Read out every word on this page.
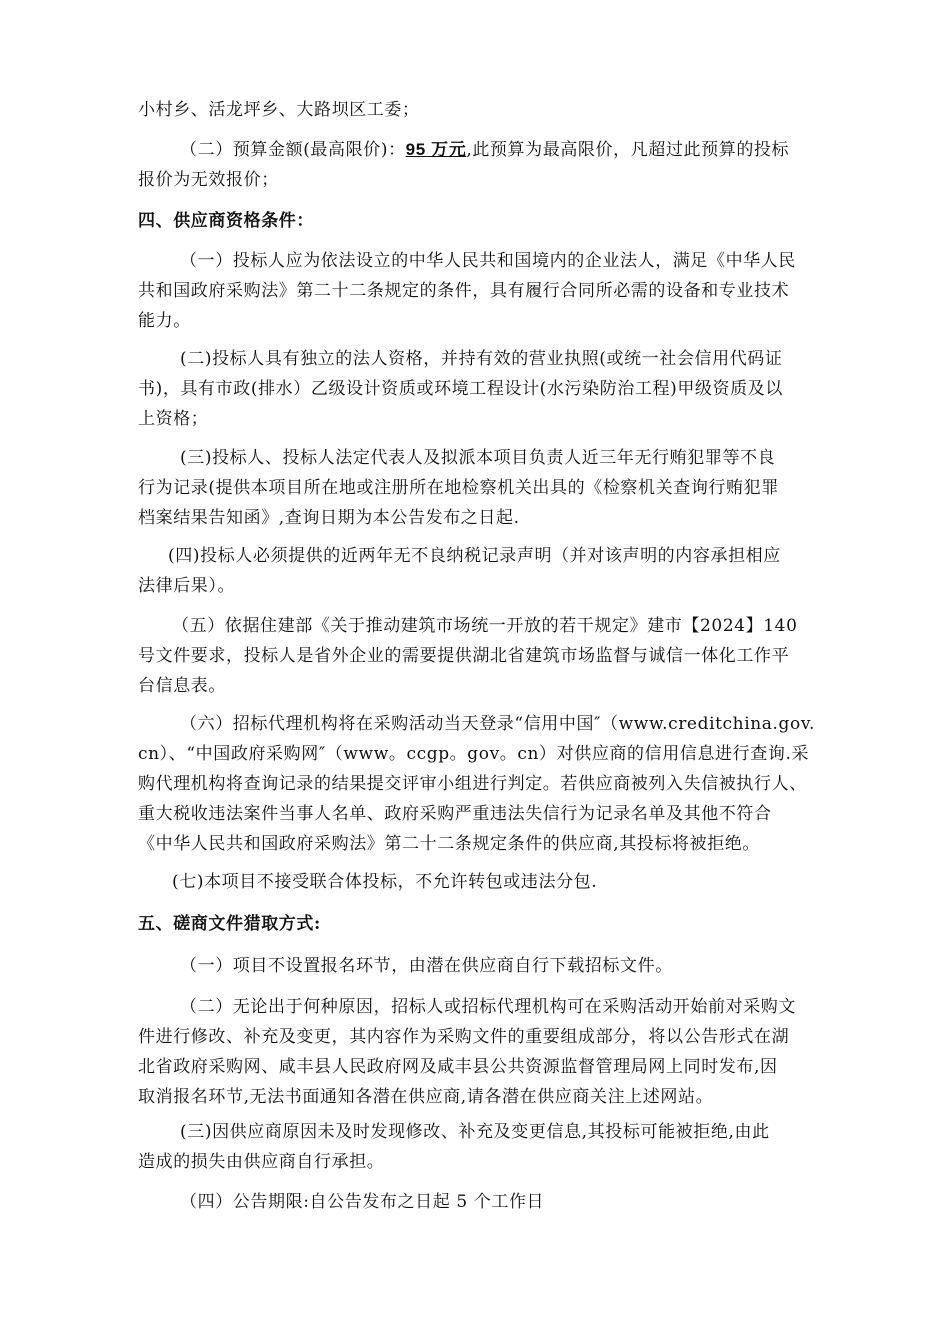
小村乡、活龙坪乡、大路坝区工委；
（二）预算金额(最高限价)：95 万元,此预算为最高限价，凡超过此预算的投标
报价为无效报价；
四、供应商资格条件：
（一）投标人应为依法设立的中华人民共和国境内的企业法人，满足《中华人民
共和国政府采购法》第二十二条规定的条件，具有履行合同所必需的设备和专业技术
能力。
(二)投标人具有独立的法人资格，并持有效的营业执照(或统一社会信用代码证
书)，具有市政(排水）乙级设计资质或环境工程设计(水污染防治工程)甲级资质及以
上资格；
(三)投标人、投标人法定代表人及拟派本项目负责人近三年无行贿犯罪等不良
行为记录(提供本项目所在地或注册所在地检察机关出具的《检察机关查询行贿犯罪
档案结果告知函》,查询日期为本公告发布之日起.
(四)投标人必须提供的近两年无不良纳税记录声明（并对该声明的内容承担相应
法律后果）。
（五）依据住建部《关于推动建筑市场统一开放的若干规定》建市【2024】140
号文件要求，投标人是省外企业的需要提供湖北省建筑市场监督与诚信一体化工作平
台信息表。
（六）招标代理机构将在采购活动当天登录“信用中国″（www.creditchina.gov.
cn）、“中国政府采购网″（www。ccgp。gov。cn）对供应商的信用信息进行查询.采
购代理机构将查询记录的结果提交评审小组进行判定。若供应商被列入失信被执行人、
重大税收违法案件当事人名单、政府采购严重违法失信行为记录名单及其他不符合
《中华人民共和国政府采购法》第二十二条规定条件的供应商,其投标将被拒绝。
(七)本项目不接受联合体投标，不允许转包或违法分包.
五、磋商文件猎取方式:
（一）项目不设置报名环节，由潜在供应商自行下载招标文件。
（二）无论出于何种原因，招标人或招标代理机构可在采购活动开始前对采购文
件进行修改、补充及变更，其内容作为采购文件的重要组成部分，将以公告形式在湖
北省政府采购网、咸丰县人民政府网及咸丰县公共资源监督管理局网上同时发布,因
取消报名环节,无法书面通知各潜在供应商,请各潜在供应商关注上述网站。
(三)因供应商原因未及时发现修改、补充及变更信息,其投标可能被拒绝,由此
造成的损失由供应商自行承担。
（四）公告期限:自公告发布之日起 5 个工作日
